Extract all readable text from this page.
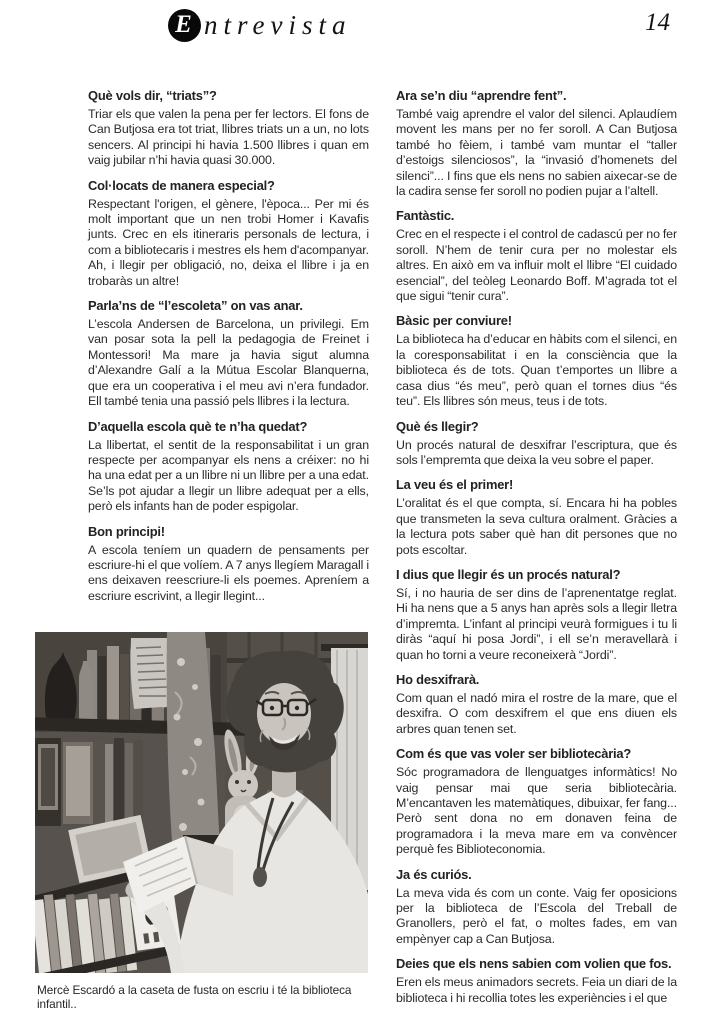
E ntrevista	14
Què vols dir, “triats”?

Triar els que valen la pena per fer lectors. El fons de Can Butjosa era tot triat, llibres triats un a un, no lots sencers. Al principi hi havia 1.500 llibres i quan em vaig jubilar n’hi havia quasi 30.000.

Col·locats de manera especial?

Respectant l'origen, el gènere, l'època... Per mi és molt important que un nen trobi Homer i Kavafis junts. Crec en els itineraris personals de lectura, i com a bibliotecaris i mestres els hem d'acompanyar. Ah, i llegir per obligació, no, deixa el llibre i ja en trobaràs un altre!

Parla’ns de “l’escoleta” on vas anar.

L’escola Andersen de Barcelona, un privilegi. Em van posar sota la pell la pedagogia de Freinet i Montessori! Ma mare ja havia sigut alumna d’Alexandre Galí a la Mútua Escolar Blanquerna, que era un cooperativa i el meu avi n’era fundador. Ell també tenia una passió pels llibres i la lectura.

D’aquella escola què te n’ha quedat?

La llibertat, el sentit de la responsabilitat i un gran respecte per acompanyar els nens a créixer: no hi ha una edat per a un llibre ni un llibre per a una edat. Se’ls pot ajudar a llegir un llibre adequat per a ells, però els infants han de poder espigolar.

Bon principi!

A escola teníem un quadern de pensaments per escriure-hi el que volíem. A 7 anys llegíem Maragall i ens deixaven reescriure-li els poemes. Apreníem a escriure escrivint, a llegir llegint...

Ara se’n diu “aprendre fent”.

També vaig aprendre el valor del silenci. Aplaudíem movent les mans per no fer soroll. A Can Butjosa també ho fèiem, i també vam muntar el “taller d’estoigs silenciosos”, la “invasió d’homenets del silenci”... I fins que els nens no sabien aixecar-se de la cadira sense fer soroll no podien pujar a l’altell.

Fantàstic.

Crec en el respecte i el control de cadascú per no fer soroll. N’hem de tenir cura per no molestar els altres. En això em va influir molt el llibre “El cuidado esencial”, del teòleg Leonardo Boff. M’agrada tot el que sigui “tenir cura”.

Bàsic per conviure!

La biblioteca ha d’educar en hàbits com el silenci, en la coresponsabilitat i en la consciència que la biblioteca és de tots. Quan t’emportes un llibre a casa dius “és meu”, però quan el tornes dius “és teu”. Els llibres són meus, teus i de tots.

Què és llegir?

Un procés natural de desxifrar l’escriptura, que és sols l’empremta que deixa la veu sobre el paper.

La veu és el primer!

L’oralitat és el que compta, sí. Encara hi ha pobles que transmeten la seva cultura oralment. Gràcies a la lectura pots saber què han dit persones que no pots escoltar.

I dius que llegir és un procés natural?

Sí, i no hauria de ser dins de l’aprenentatge reglat. Hi ha nens que a 5 anys han après sols a llegir lletra d’impremta. L’infant al principi veurà formigues i tu li diràs “aquí hi posa Jordi”, i ell se’n meravellarà i quan ho torni a veure reconeixerà “Jordi”.

Ho desxifrarà.

Com quan el nadó mira el rostre de la mare, que el desxifra. O com desxifrem el que ens diuen els arbres quan tenen set.

Com és que vas voler ser bibliotecària?

Sóc programadora de llenguatges informàtics! No vaig pensar mai que seria bibliotecària. M’encantaven les matemàtiques, dibuixar, fer fang... Però sent dona no em donaven feina de programadora i la meva mare em va convèncer perquè fes Biblioteconomia.

Ja és curiós.

La meva vida és com un conte. Vaig fer oposicions per la biblioteca de l’Escola del Treball de Granollers, però el fat, o moltes fades, em van empènyer cap a Can Butjosa.

Deies que els nens sabien com volien que fos.

Eren els meus animadors secrets. Feia un diari de la biblioteca i hi recollia totes les experiències i el que

Mercè Escardó a la caseta de fusta on escriu i té la biblioteca infantil..
